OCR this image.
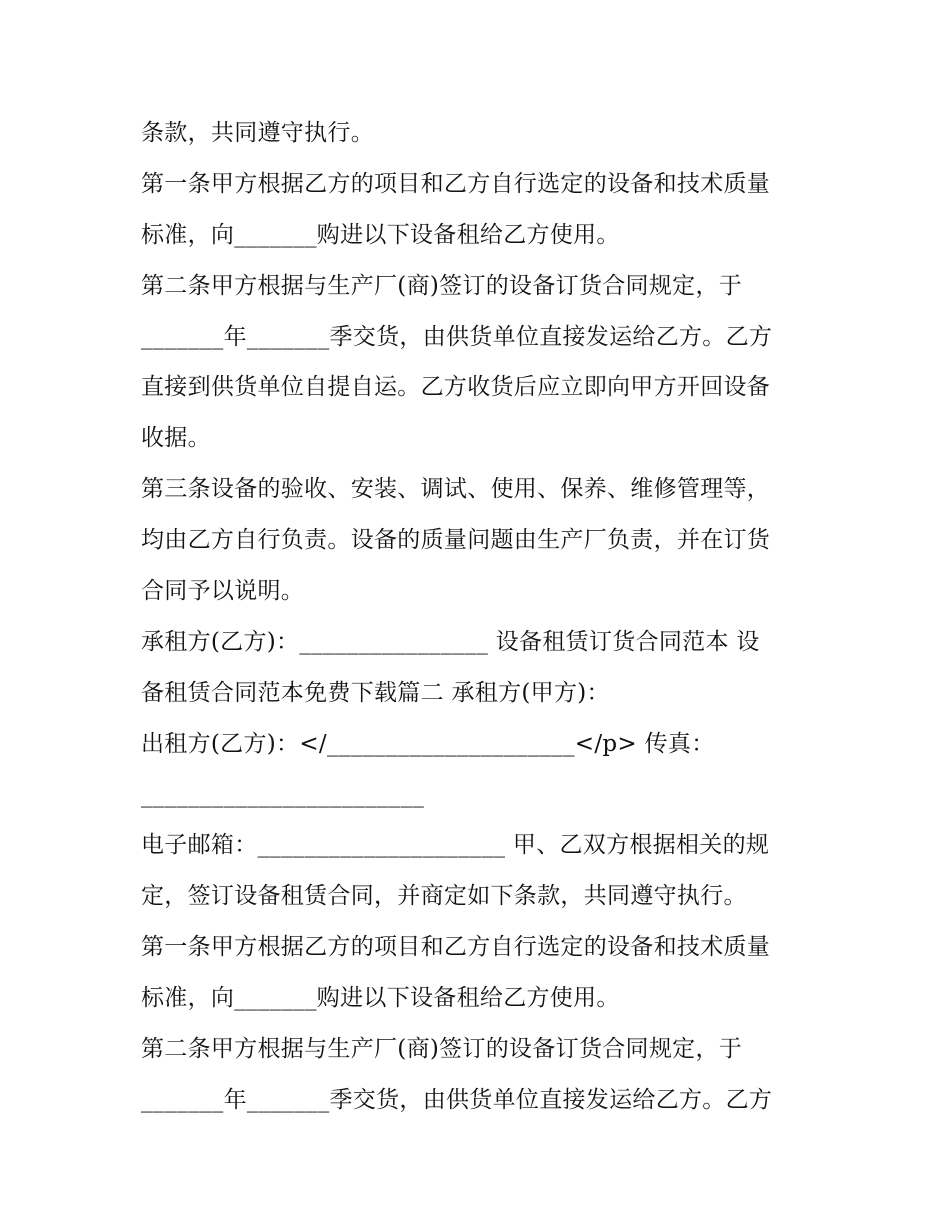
条款，共同遵守执行。
第一条甲方根据乙方的项目和乙方自行选定的设备和技术质量
标准，向_______购进以下设备租给乙方使用。
第二条甲方根据与生产厂(商)签订的设备订货合同规定，于
_______年_______季交货，由供货单位直接发运给乙方。乙方
直接到供货单位自提自运。乙方收货后应立即向甲方开回设备
收据。
第三条设备的验收、安装、调试、使用、保养、维修管理等，
均由乙方自行负责。设备的质量问题由生产厂负责，并在订货
合同予以说明。
承租方(乙方)：________________ 设备租赁订货合同范本 设
备租赁合同范本免费下载篇二 承租方(甲方)：
出租方(乙方)：</_____________________</p> 传真：
________________________
电子邮箱：_____________________ 甲、乙双方根据相关的规
定，签订设备租赁合同，并商定如下条款，共同遵守执行。
第一条甲方根据乙方的项目和乙方自行选定的设备和技术质量
标准，向_______购进以下设备租给乙方使用。
第二条甲方根据与生产厂(商)签订的设备订货合同规定，于
_______年_______季交货，由供货单位直接发运给乙方。乙方
